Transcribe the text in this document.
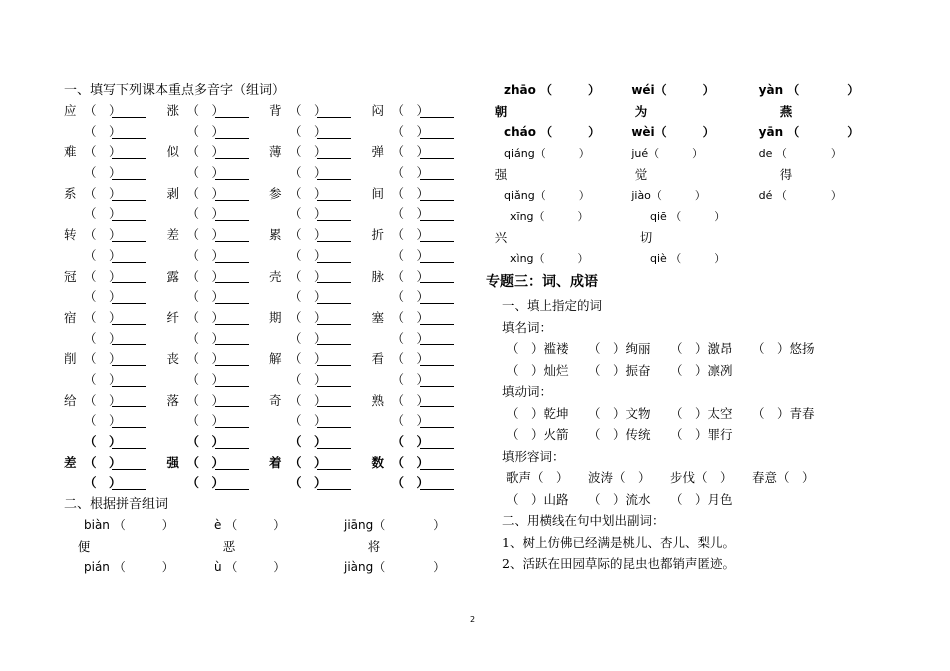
一、填写下列课本重点多音字（组词）
应 （　）	涨 （　）	背 （　）	闷 （　）
（　）	（　）	（　）	（　）
难 （　）	似 （　）	薄 （　）	弹 （　）
（　）	（　）	（　）	（　）
系 （　）	剥 （　）	参 （　）	间 （　）
（　）	（　）	（　）	（　）
转 （　）	差 （　）	累 （　）	折 （　）
（　）	（　）	（　）	（　）
冠 （　）	露 （　）	壳 （　）	脉 （　）
（　）	（　）	（　）	（　）
宿 （　）	纤 （　）	期 （　）	塞 （　）
（　）	（　）	（　）	（　）
削 （　）	丧 （　）	解 （　）	看 （　）
（　）	（　）	（　）	（　）
给 （　）	落 （　）	奇 （　）	熟 （　）
（　）	（　）	（　）	（　）
（　）	（　）	（　）	（　）
差 （　）	强 （　）	着 （　）	数 （　）
（　）	（　）	（　）	（　）
二、根据拼音组词
biàn （　　　）	è （　　　）	jiāng（　　　　）
便	恶	将
pián （　　　）	ù （　　　）	jiàng（　　　　）
zhāo （　　　）	wéi（　　　）	yàn （　　　　）
朝	为	燕
cháo （　　　）	wèi（　　　）	yān （　　　　）
qiáng（　　　）	jué（　　　）	de （　　　　）
强	觉	得
qiǎng（　　　）	jiào（　　　）	dé （　　　　）
xīng（　　　）	qiē （　　　）
兴	切
xìng（　　　）	qiè （　　　）
专题三：词、成语
一、填上指定的词
填名词：
（　）褴褛 （　）绚丽 （　）激昂 （　）悠扬
（　）灿烂 （　）振奋 （　）凛冽
填动词：
（　）乾坤 （　）文物 （　）太空 （　）青春
（　）火箭 （　）传统 （　）罪行
填形容词：
歌声（　） 波涛（　） 步伐（　） 春意（　）
（　）山路 （　）流水 （　）月色
二、用横线在句中划出副词：
1、树上仿佛已经满是桃儿、杏儿、梨儿。
2、活跃在田园草际的昆虫也都销声匿迹。
2
